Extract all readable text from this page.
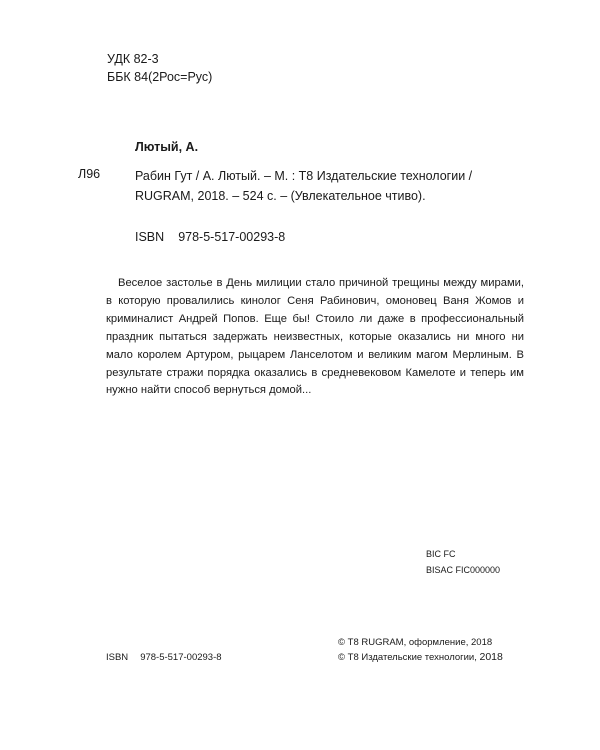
УДК 82-3
ББК 84(2Рос=Рус)
Лютый, А.
Л96	Рабин Гут / А. Лютый. – М. : Т8 Издательские технологии /
RUGRAM, 2018. – 524 с. – (Увлекательное чтиво).
ISBN 978-5-517-00293-8

Веселое застолье в День милиции стало причиной трещины между мирами, в которую провалились кинолог Сеня Рабинович, омоновец Ваня Жомов и криминалист Андрей Попов. Еще бы! Стоило ли даже в профессиональный праздник пытаться задержать неизвестных, которые оказались ни много ни мало королем Артуром, рыцарем Ланселотом и великим магом Мерлиным. В результате стражи порядка оказались в средневековом Камелоте и теперь им нужно найти способ вернуться домой...

BIC FC
BISAC FIC000000
© Т8 RUGRAM, оформление, 2018
© Т8 Издательские технологии, 2018
ISBN 978-5-517-00293-8
